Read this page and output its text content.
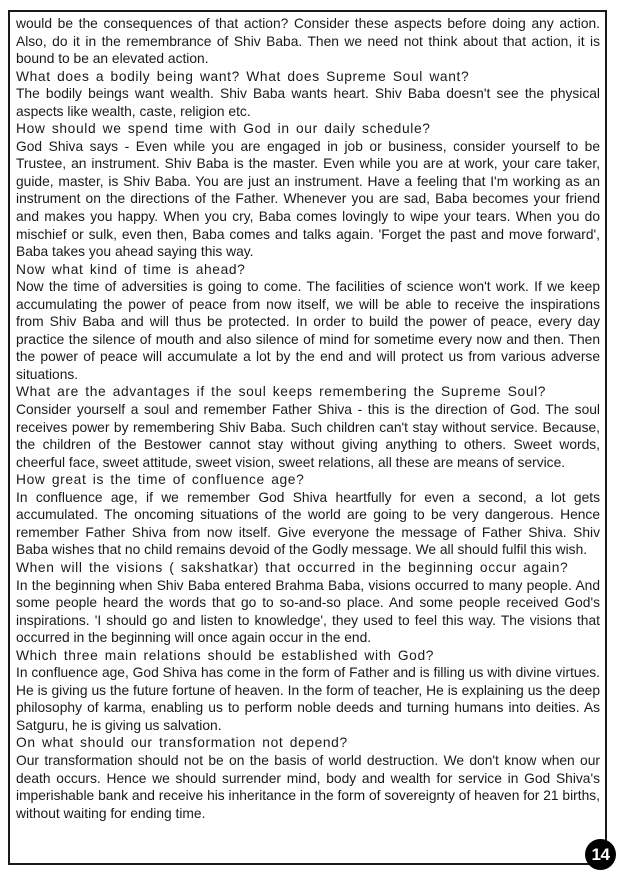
would be the consequences of that action? Consider these aspects before doing any action. Also, do it in the remembrance of Shiv Baba. Then we need not think about that action, it is bound to be an elevated action.
What does a bodily being want? What does Supreme Soul want?
The bodily beings want wealth. Shiv Baba wants heart. Shiv Baba doesn't see the physical aspects like wealth, caste, religion etc.
How should we spend time with God in our daily schedule?
God Shiva says - Even while you are engaged in job or business, consider yourself to be Trustee, an instrument. Shiv Baba is the master. Even while you are at work, your care taker, guide, master, is Shiv Baba. You are just an instrument. Have a feeling that I'm working as an instrument on the directions of the Father. Whenever you are sad, Baba becomes your friend and makes you happy. When you cry, Baba comes lovingly to wipe your tears. When you do mischief or sulk, even then, Baba comes and talks again. 'Forget the past and move forward', Baba takes you ahead saying this way.
Now what kind of time is ahead?
Now the time of adversities is going to come. The facilities of science won't work. If we keep accumulating the power of peace from now itself, we will be able to receive the inspirations from Shiv Baba and will thus be protected. In order to build the power of peace, every day practice the silence of mouth and also silence of mind for sometime every now and then. Then the power of peace will accumulate a lot by the end and will protect us from various adverse situations.
What are the advantages if the soul keeps remembering the Supreme Soul?
Consider yourself a soul and remember Father Shiva - this is the direction of God. The soul receives power by remembering Shiv Baba. Such children can't stay without service. Because, the children of the Bestower cannot stay without giving anything to others. Sweet words, cheerful face, sweet attitude, sweet vision, sweet relations, all these are means of service.
How great is the time of confluence age?
In confluence age, if we remember God Shiva heartfully for even a second, a lot gets accumulated. The oncoming situations of the world are going to be very dangerous. Hence remember Father Shiva from now itself. Give everyone the message of Father Shiva. Shiv Baba wishes that no child remains devoid of the Godly message. We all should fulfil this wish.
When will the visions ( sakshatkar) that occurred in the beginning occur again?
In the beginning when Shiv Baba entered Brahma Baba, visions occurred to many people. And some people heard the words that go to so-and-so place. And some people received God's inspirations. 'I should go and listen to knowledge', they used to feel this way. The visions that occurred in the beginning will once again occur in the end.
Which three main relations should be established with God?
In confluence age, God Shiva has come in the form of Father and is filling us with divine virtues. He is giving us the future fortune of heaven. In the form of teacher, He is explaining us the deep philosophy of karma, enabling us to perform noble deeds and turning humans into deities. As Satguru, he is giving us salvation.
On what should our transformation not depend?
Our transformation should not be on the basis of world destruction. We don't know when our death occurs. Hence we should surrender mind, body and wealth for service in God Shiva's imperishable bank and receive his inheritance in the form of sovereignty of heaven for 21 births, without waiting for ending time.
14
